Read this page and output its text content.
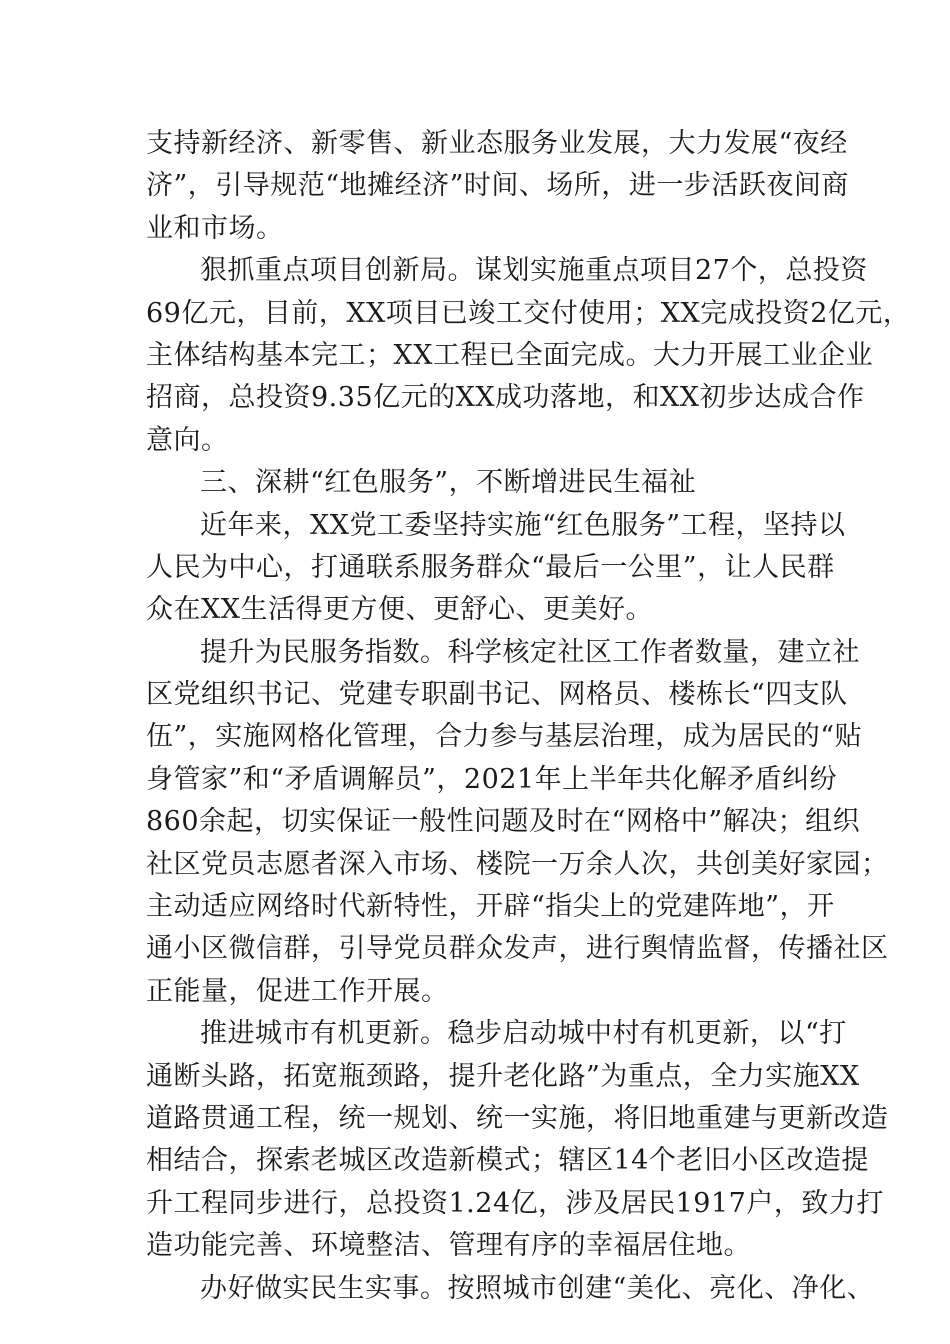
支持新经济、新零售、新业态服务业发展，大力发展“夜经
济”，引导规范“地摊经济”时间、场所，进一步活跃夜间商
业和市场。
狠抓重点项目创新局。谋划实施重点项目27个，总投资
69亿元，目前，XX项目已竣工交付使用；XX完成投资2亿元，
主体结构基本完工；XX工程已全面完成。大力开展工业企业
招商，总投资9.35亿元的XX成功落地，和XX初步达成合作
意向。
三、深耕“红色服务”，不断增进民生福祉
近年来，XX党工委坚持实施“红色服务”工程，坚持以
人民为中心，打通联系服务群众“最后一公里”，让人民群
众在XX生活得更方便、更舒心、更美好。
提升为民服务指数。科学核定社区工作者数量，建立社
区党组织书记、党建专职副书记、网格员、楼栋长“四支队
伍”，实施网格化管理，合力参与基层治理，成为居民的“贴
身管家”和“矛盾调解员”，2021年上半年共化解矛盾纠纷
860余起，切实保证一般性问题及时在“网格中”解决；组织
社区党员志愿者深入市场、楼院一万余人次，共创美好家园；
主动适应网络时代新特性，开辟“指尖上的党建阵地”，开
通小区微信群，引导党员群众发声，进行舆情监督，传播社区
正能量，促进工作开展。
推进城市有机更新。稳步启动城中村有机更新，以“打
通断头路，拓宽瓶颈路，提升老化路”为重点，全力实施XX
道路贯通工程，统一规划、统一实施，将旧地重建与更新改造
相结合，探索老城区改造新模式；辖区14个老旧小区改造提
升工程同步进行，总投资1.24亿，涉及居民1917户，致力打
造功能完善、环境整洁、管理有序的幸福居住地。
办好做实民生实事。按照城市创建“美化、亮化、净化、
